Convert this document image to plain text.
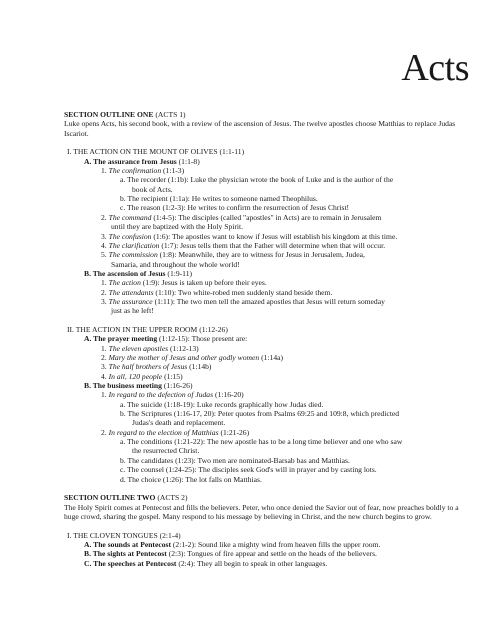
Acts
SECTION OUTLINE ONE (ACTS 1)

Luke opens Acts, his second book, with a review of the ascension of Jesus. The twelve apostles choose Matthias to replace Judas Iscariot.

I. THE ACTION ON THE MOUNT OF OLIVES (1:1-11)
A. The assurance from Jesus (1:1-8)
1. The confirmation (1:1-3)
a. The recorder (1:1b): Luke the physician wrote the book of Luke and is the author of the
book of Acts.
b. The recipient (1:1a): He writes to someone named Theophilus.
c. The reason (1:2-3): He writes to confirm the resurrection of Jesus Christ!
2. The command (1:4-5): The disciples (called "apostles" in Acts) are to remain in Jerusalem
until they are baptized with the Holy Spirit.
3. The confusion (1:6): The apostles want to know if Jesus will establish his kingdom at this time.
4. The clarification (1:7): Jesus tells them that the Father will determine when that will occur.
5. The commission (1:8): Meanwhile, they are to witness for Jesus in Jerusalem, Judea,
Samaria, and throughout the whole world!
B. The ascension of Jesus (1:9-11)
1. The action (1:9): Jesus is taken up before their eyes.
2. The attendants (1:10): Two white-robed men suddenly stand beside them.
3. The assurance (1:11): The two men tell the amazed apostles that Jesus will return someday
just as he left!
II. THE ACTION IN THE UPPER ROOM (1:12-26)
A. The prayer meeting (1:12-15): Those present are:
1. The eleven apostles (1:12-13)
2. Mary the mother of Jesus and other godly women (1:14a)
3. The half brothers of Jesus (1:14b)
4. In all, 120 people (1:15)
B. The business meeting (1:16-26)
1. In regard to the defection of Judas (1:16-20)
a. The suicide (1:18-19): Luke records graphically how Judas died.
b. The Scriptures (1:16-17, 20): Peter quotes from Psalms 69:25 and 109:8, which predicted
Judas's death and replacement.
2. In regard to the election of Matthias (1:21-26)
a. The conditions (1:21-22): The new apostle has to be a long time believer and one who saw
the resurrected Christ.
b. The candidates (1:23): Two men are nominated-Barsab bas and Matthias.
c. The counsel (1:24-25): The disciples seek God's will in prayer and by casting lots.
d. The choice (1:26): The lot falls on Matthias.
SECTION OUTLINE TWO (ACTS 2)

The Holy Spirit comes at Pentecost and fills the believers. Peter, who once denied the Savior out of fear, now preaches boldly to a huge crowd, sharing the gospel. Many respond to his message by believing in Christ, and the new church begins to grow.

I. THE CLOVEN TONGUES (2:1-4)
A. The sounds at Pentecost (2:1-2): Sound like a mighty wind from heaven fills the upper room.
B. The sights at Pentecost (2:3): Tongues of fire appear and settle on the heads of the believers.
C. The speeches at Pentecost (2:4): They all begin to speak in other languages.
